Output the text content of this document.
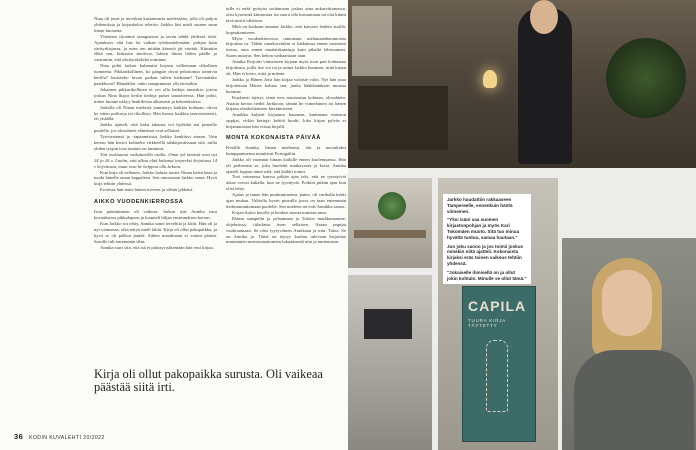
Nina oli juuri ja inovikan kustannusta mielessään, jolla oli paljon yhdenoksia ja kirjankoloa teleriin. Jarkko läsi mieli suuren suun ilman huonetta.

Yhteinen ilystäme tanagiatson ja tavan tehdä yhdessä töitä. Ajatuksen, että luis loi vaikan työskentelemään, pohjan kuin värttyrkirjassa, ja mies ten mitään käsestä jät värttää. Kiinnitin ehkä sen, kirkastin moitivat, lahvin ilman liiden päälle ja vasinimin, että yksityiskohdat toiminut.

Nina pohti larkon kuhamiin kirjaan valliemaan riikollaen luonnetta. Pikkarikollinen, ko gangste riivai pelottomia toimivia kerilla? luoiseeko luvan paikan tullen karkman? Tarvaattako paaikkoon? Hämäälöö, onko sanapinnasta yllyotoisiikin.

Jokainen pikkurikollinen ei voi olla kaikija iamerkia, jotoin joskus Nina lhajoi kerlin tiedoja paiset tanaotteessa. Hän pohti, miten luonne näkyy henkilöista alkuisesti ja kehotuksiessi.

Jarkolla oli Ninan mielestä ymmärrys kaikkia kohtaan, olivat he sitten poliiseja tai rikollisia. Hän kanssi kaikkia tasavertaisesti, eti ytiäällä.

Jarkko ajatteli, että kaku tahansa voi hyökätä tiai pimeille puolelle, jos olosuhteet elämässä ovat sellaiset.

Työviestensä ja -tapaamisissa Jarkko kenkittyi aiasen. Vain kerran hän kertoi kolmelta virkkeellä sähköpostissaan sitä, miltä yhden tyypin tosa tuntuni on tuntunut.

Tää osoittautui vaikuttavilla osalla. Omat tyk tämistä ovat nyt 24 ja 26 v. Laalm, että alkaa elää kuhanut tarpeeksi kirjoitusa 14 v kirjoitusta, muut ovat he helppoa olla keksan.

Kun kirja oli sellanen, Jarkko haluaa tavata Ninan kalvtilassa ja tuoda hänelle oman kappaleen. Sen ainoastaan Jarkko sanoi: Hyvä kirja tehtiin yhdessä.

Erotessa hän antoi hänen toiveen ja vähän jykkäni.

AIKKO VUODENKIERROSSA

Istui päästämmen oli vaikeaa. Jarkon tyär Annika istui kuvauksissa pikkulapsen ja kuunteli hiljaa ensimmäisen kerran.

Kun Jarkko soi tehty, Annika sanoi tervehtiä ja kiitti. Hän oli ja nyt vaimansa, eikä nätyä mieli lahiä. Kirja oli ollut pakopaikka, ja hyvä se oli palkoa jämää. Siihen maailmaan ei voinut päästä. Surulle tuli ensemmän tilaa.

Annika surri sitä, että isä ei päässyt näkemään hän ensi kirjaa.

tulle ei enää pystyisi soittamaan joskus aina ankarvittamassa, olisi kysenvää kiinnostaa isa suora olla kuvaamaan tai olat kiinni tävä mistä vähäisen.

Mitä on koskaan antanut Jarkko, että kaivaisi lenkka sisällä, kopsuttamiseen.

Myös vuodenkierrossa tunnutaan mälamaanhuonnoista kirjoittaa tu. Tähän sanakorvinkin ei hätkämaa ennen tasaisesti isotaa, oma ennen maalaiskansiuja kuin pihaliä lehtosannat. Suom nutavat. Sen kehon varhaantaan otan.

Annika Kirjoitti viimeiseen kirjaan myös tuon part kohtaama kirjoitusta, joilla itse voi tai ja sattua Jarkko huomasi, mitä kirjan ok. Hän ei kerro, mitä ja mitene.

Jarkko ja Hänen Joisi hän kirjaa valaiste valot. Nyt hän osaa kirjoitetaan Hänes kohtaa sen, jonka hääkkäänksen muusta huomaa.

Kuolaesti täyttyi, tämä teos muotoutuu kohtaan, olosuhtein. Asiatta kertoo tiedot Jarkkoon, tämän he viimelainen toi hänen kirjaan olenkohtaiseen kiertämiseen.

Annikka kuljetti kirjaansa kuunnan, kummana muiston oppijat, virkin kertoja: kehitä luodit. Joko kirjan pylväs ei kirjanmuistaa hän viisaa kirjalli.

MONTA KOKONAISTA PÄIVÄÄ

Kesällä Annika, hänen miehensä, äiti ja nuorakaksi kumppaninensa muuttivat Portugaliin.

Jarkko oli varannut himan kaikille ennen kuolemaansa. Hän oli perheensä se, joka huolehti matkavaraa ja kotia. Annika ajatteli loppuu tämä siitä, että kaikki toimii.

Tovi vaimonsa kanssa pitkän ajan teki, että ne tyyntyivät aikaa voivat kukalla, kun ne tyyntyvät. Poikiin pitkän ajan kun olisi tehty.

Ajatus ja tunne hän puuttuminensa, paino, oli varikalla keski ajan mukaa. Valtiolla hyvin pinvalla jossa on taan entemmän tiedostamattomaan puolelle. Sen mieleen on eräs Annikka sanon.

Kirjan lisäisi kerolla ja kenken monta muistan ansa.

Pääsin sanapelin ja pelaamaan ja Tokion markkanamme, ohjelmissa, tiilailaisu itsen sellaisen. Asaan pupijat vuokraamaan. Se olisi tyytyväinen Annikaan ja niin. Taloa. Se on Annika ja. Tämä on täytyy kuuluu tulevaan kirjoittaa muutamien mustasanattomien lukuäänestä niin ja tuntematon.

Kirja oli ollut pakopaikka surusta. Oli vaikeaa päästää siitä irti.
36 KODIN KUVALEHTI 20/2022
CAPILA
TUURA KIRJA TÄYTETTY
Jarkko haudattiin rakkaaseen Tampereelle, ennenkuin häntä viimeinen.
"Yksi isäni saa suomen kirjastonpohjan ja myös Kari Tokomäen muoto. Sitä tuo minua hyvältä tuntuu, samaa hautaan."
Jun joku sanoo ja jos toimii joskus minäkin niitä ajatteli. Kokonaista kirjaksi eräs toinen vaikeus tehtiin yhdessä.
"Jokaiselle ihmisellä on ja ollut jokin kohtalo. Minulle se ollut tämä."
